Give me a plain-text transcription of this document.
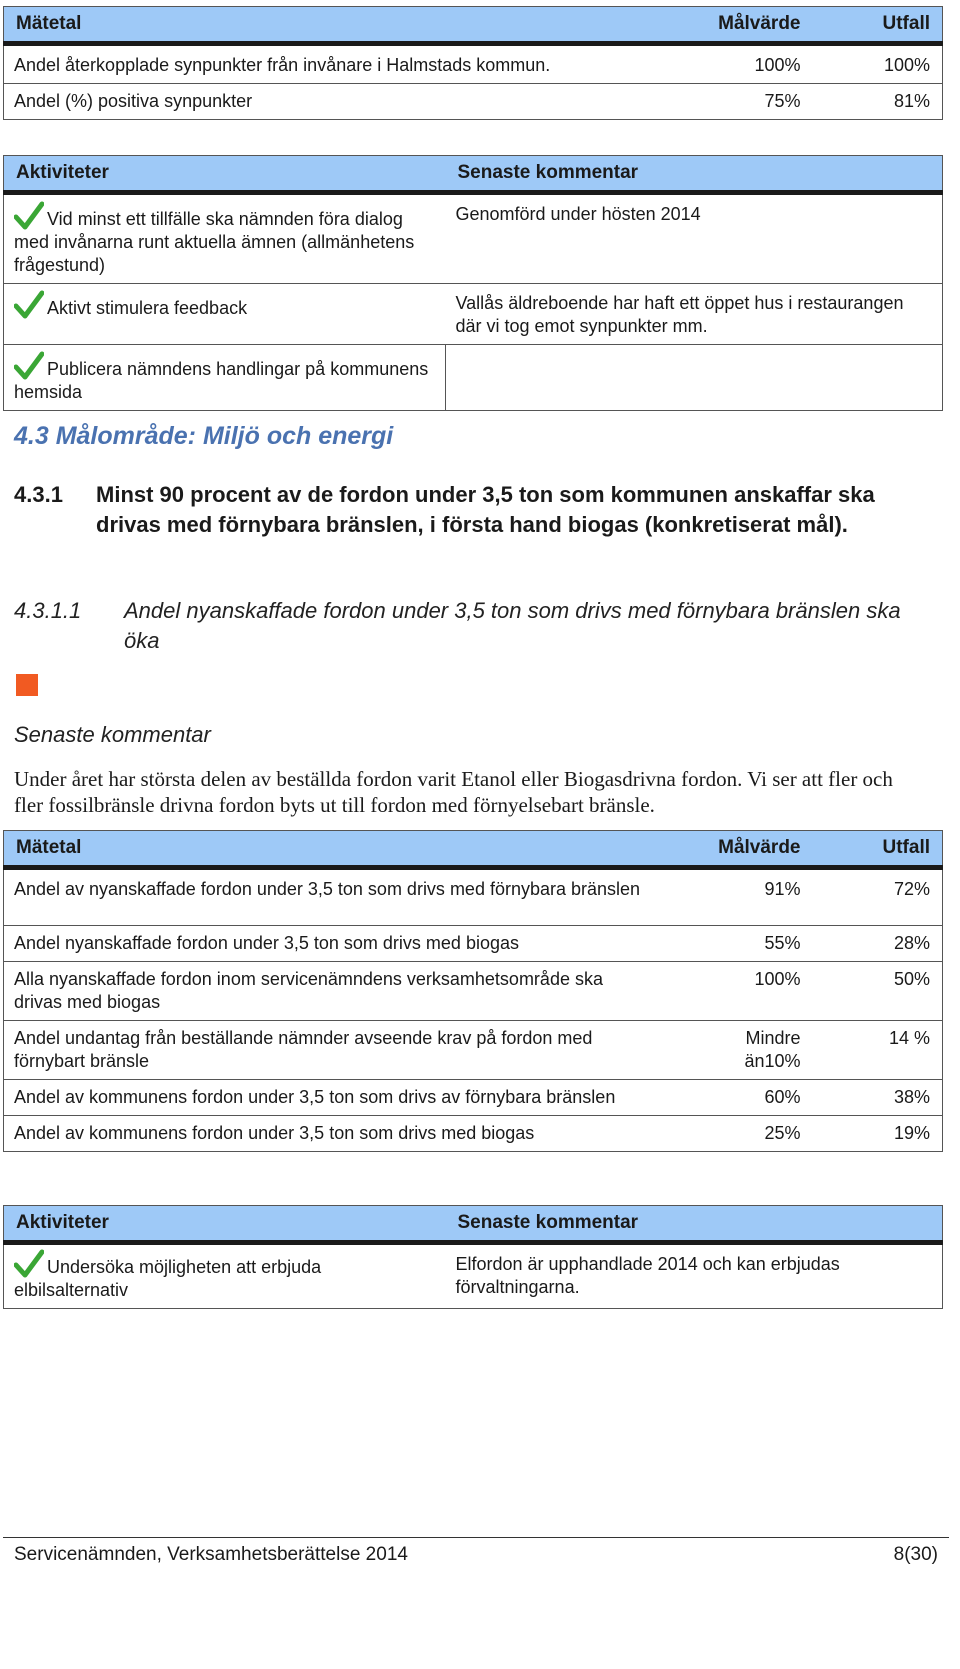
Mätetal	Målvärde	Utfall
Andel återkopplade synpunkter från invånare i Halmstads kommun.	100%	100%
Andel (%) positiva synpunkter	75%	81%
Aktiviteter	Senaste kommentar
Vid minst ett tillfälle ska nämnden föra dialog med invånarna runt aktuella ämnen (allmänhetens frågestund)	Genomförd under hösten 2014
Aktivt stimulera feedback	Vallås äldreboende har haft ett öppet hus i restaurangen där vi tog emot synpunkter mm.
Publicera nämndens handlingar på kommunens hemsida	
4.3 Målområde: Miljö och energi
4.3.1	Minst 90 procent av de fordon under 3,5 ton som kommunen anskaffar ska drivas med förnybara bränslen, i första hand biogas (konkretiserat mål).
4.3.1.1	Andel nyanskaffade fordon under 3,5 ton som drivs med förnybara bränslen ska öka
Senaste kommentar
Under året har största delen av beställda fordon varit Etanol eller Biogasdrivna fordon. Vi ser att fler och fler fossilbränsle drivna fordon byts ut till fordon med förnyelsebart bränsle.
Mätetal	Målvärde	Utfall
Andel av nyanskaffade fordon under 3,5 ton som drivs med förnybara bränslen	91%	72%
Andel nyanskaffade fordon under 3,5 ton som drivs med biogas	55%	28%
Alla nyanskaffade fordon inom servicenämndens verksamhetsområde ska drivas med biogas	100%	50%
Andel undantag från beställande nämnder avseende krav på fordon med förnybart bränsle	Mindre än10%	14 %
Andel av kommunens fordon under 3,5 ton som drivs av förnybara bränslen	60%	38%
Andel av kommunens fordon under 3,5 ton som drivs med biogas	25%	19%
Aktiviteter	Senaste kommentar
Undersöka möjligheten att erbjuda elbilsalternativ	Elfordon är upphandlade 2014 och kan erbjudas förvaltningarna.
Servicenämnden, Verksamhetsberättelse 2014	8(30)
